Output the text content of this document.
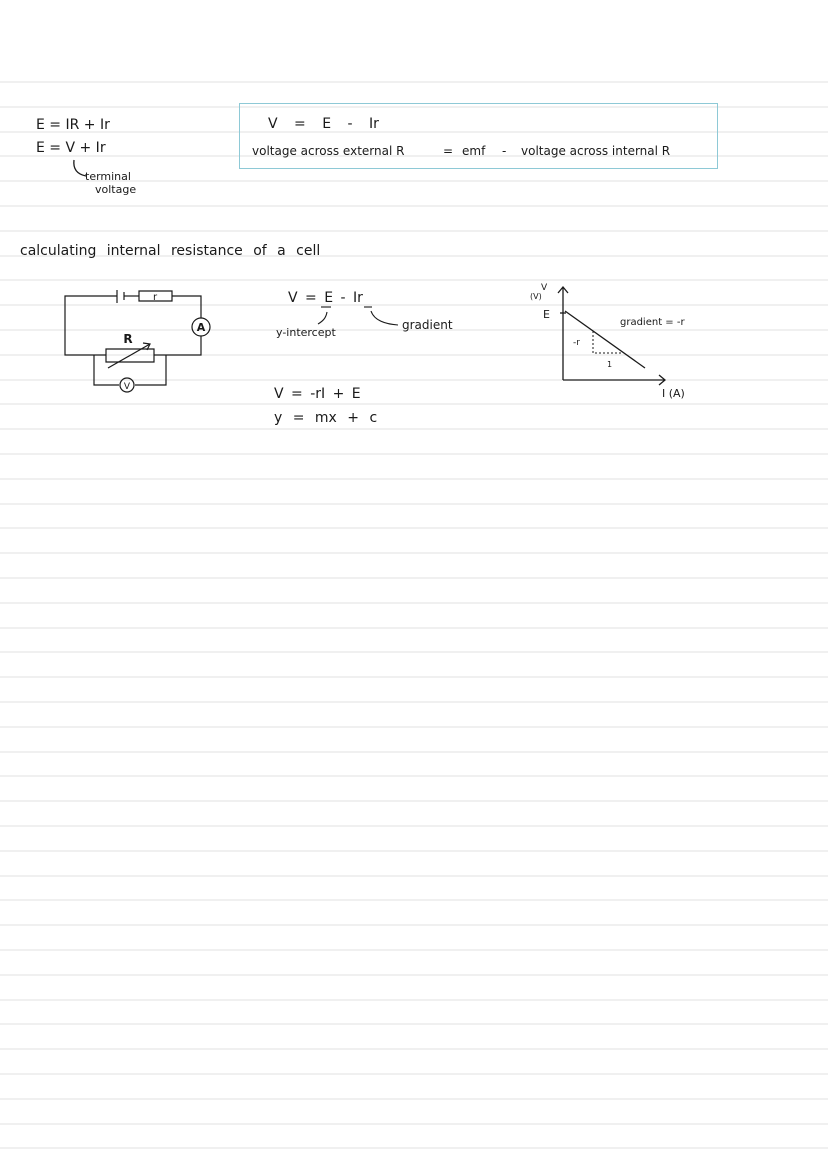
E = IR + Ir
E = V + Ir
terminal
voltage
V = E - Ir
voltage across external R	= emf - voltage across internal R
calculating internal resistance of a cell
r
A
R
V
V = E - Ir
y-intercept
gradient
V = -rI + E
y = mx + c
V
(V)
E
gradient = -r
-r
1
I (A)
